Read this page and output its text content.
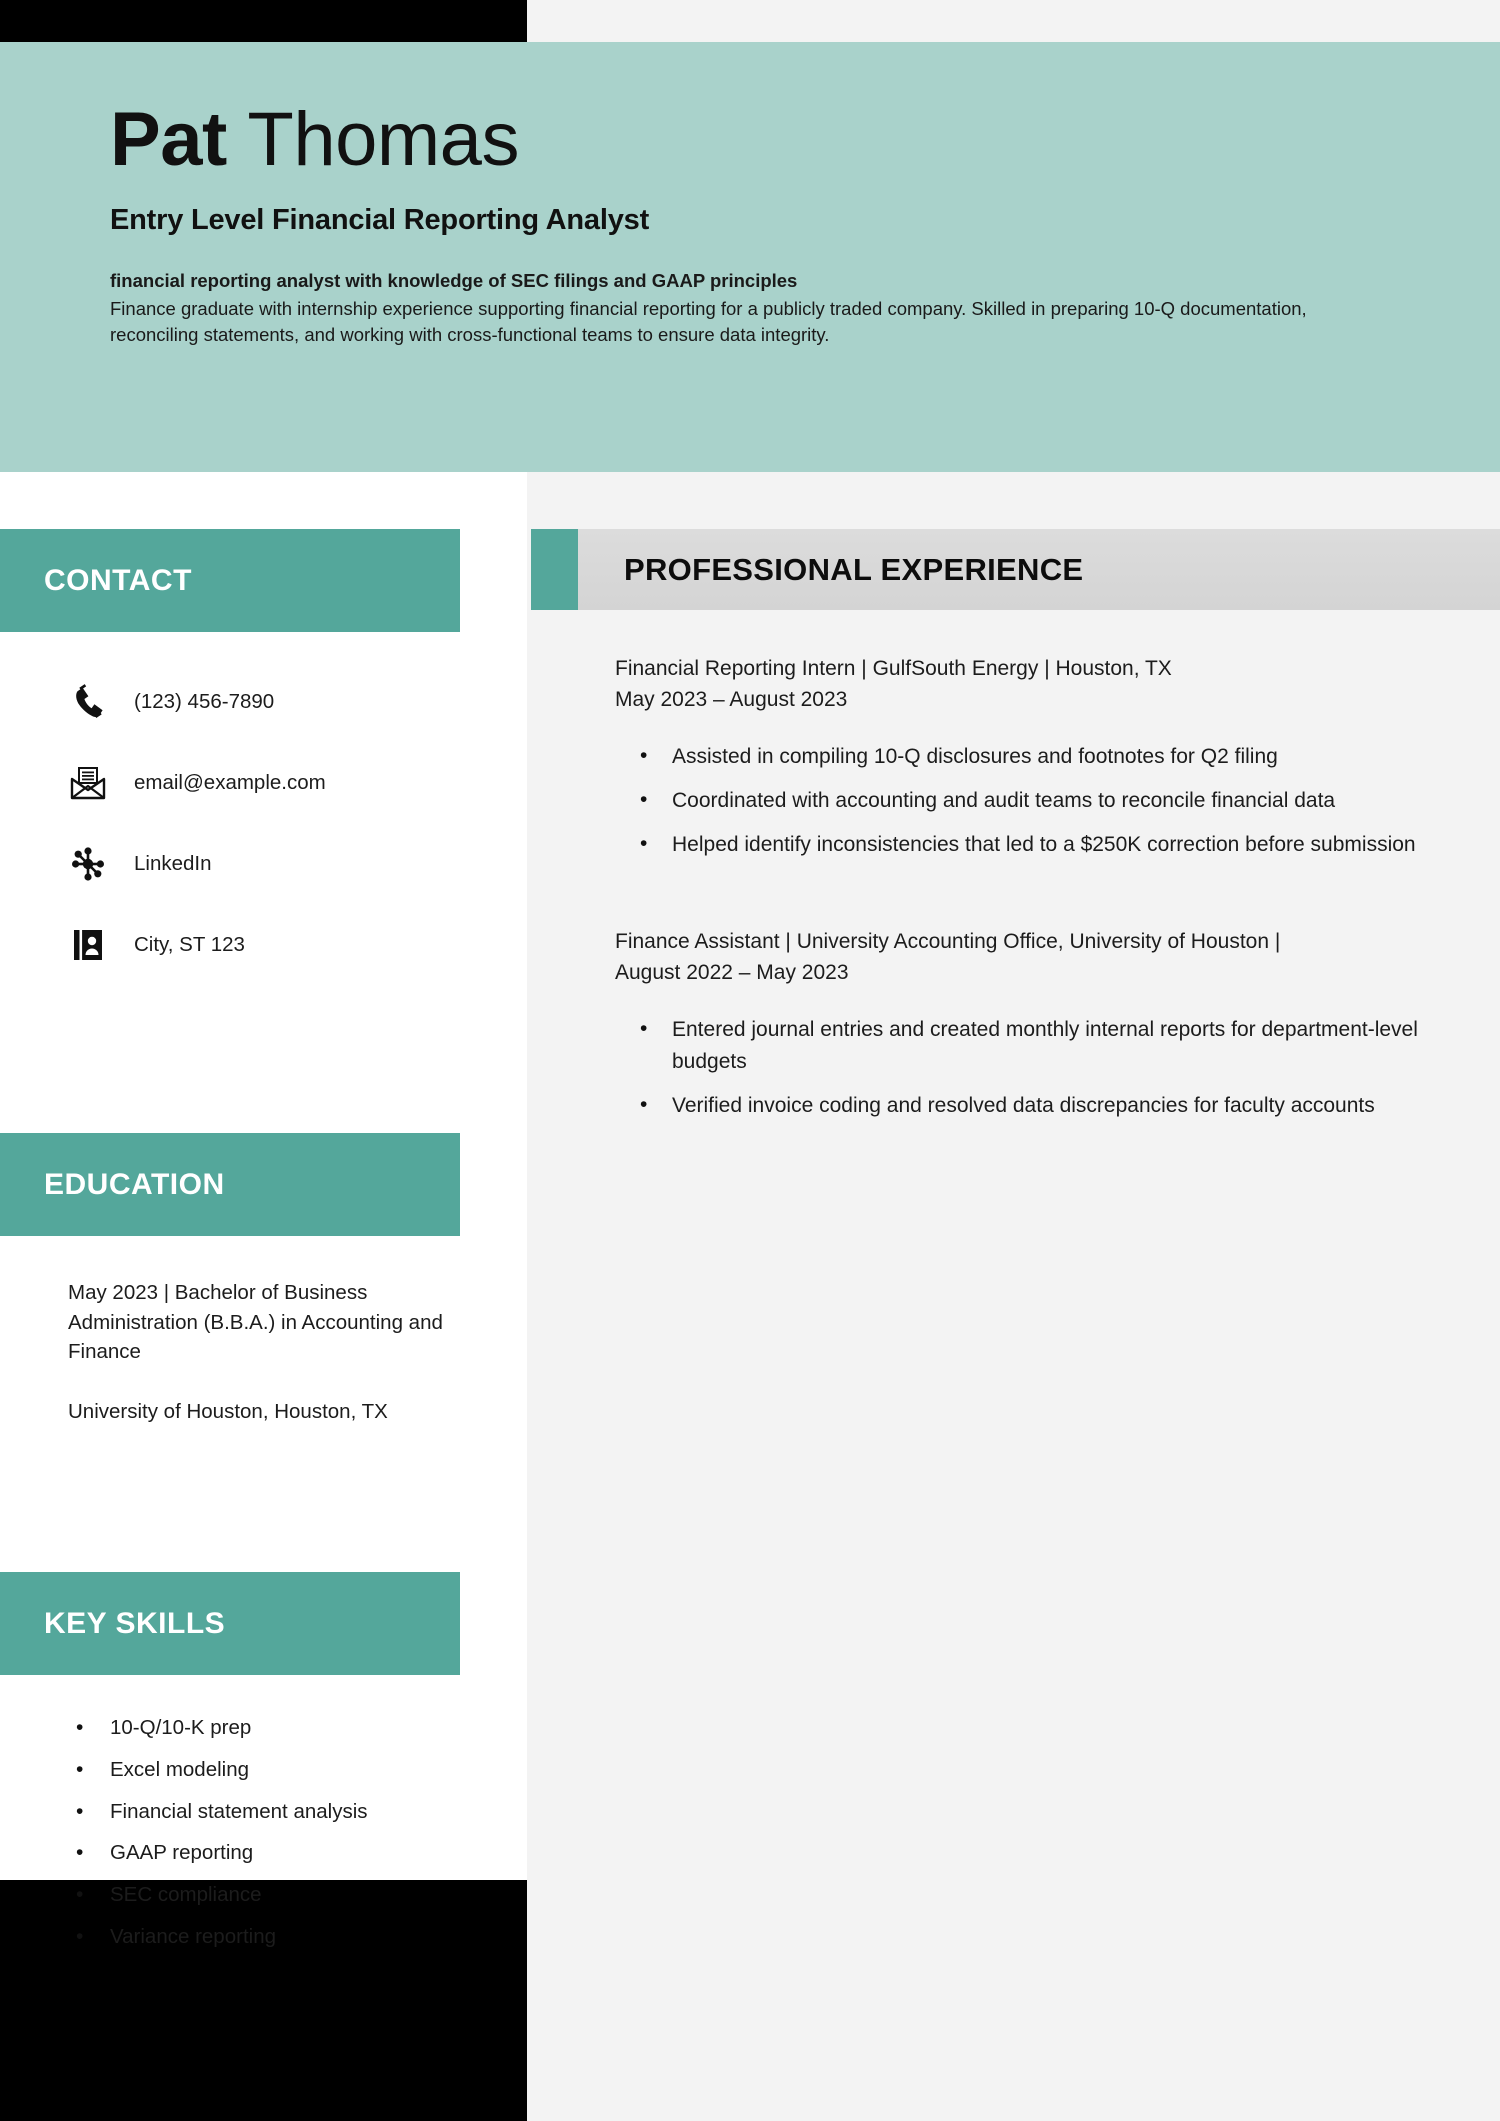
Pat Thomas
Entry Level Financial Reporting Analyst
financial reporting analyst with knowledge of SEC filings and GAAP principles
Finance graduate with internship experience supporting financial reporting for a publicly traded company. Skilled in preparing 10-Q documentation, reconciling statements, and working with cross-functional teams to ensure data integrity.
CONTACT
(123) 456-7890
email@example.com
LinkedIn
City, ST 123
EDUCATION
May 2023 | Bachelor of Business Administration (B.B.A.) in Accounting and Finance
University of Houston, Houston, TX
KEY SKILLS
• 10-Q/10-K prep
• Excel modeling
• Financial statement analysis
• GAAP reporting
• SEC compliance
• Variance reporting
PROFESSIONAL EXPERIENCE
Financial Reporting Intern | GulfSouth Energy | Houston, TX
May 2023 – August 2023
• Assisted in compiling 10-Q disclosures and footnotes for Q2 filing
• Coordinated with accounting and audit teams to reconcile financial data
• Helped identify inconsistencies that led to a $250K correction before submission
Finance Assistant | University Accounting Office, University of Houston |
August 2022 – May 2023
• Entered journal entries and created monthly internal reports for department-level budgets
• Verified invoice coding and resolved data discrepancies for faculty accounts
